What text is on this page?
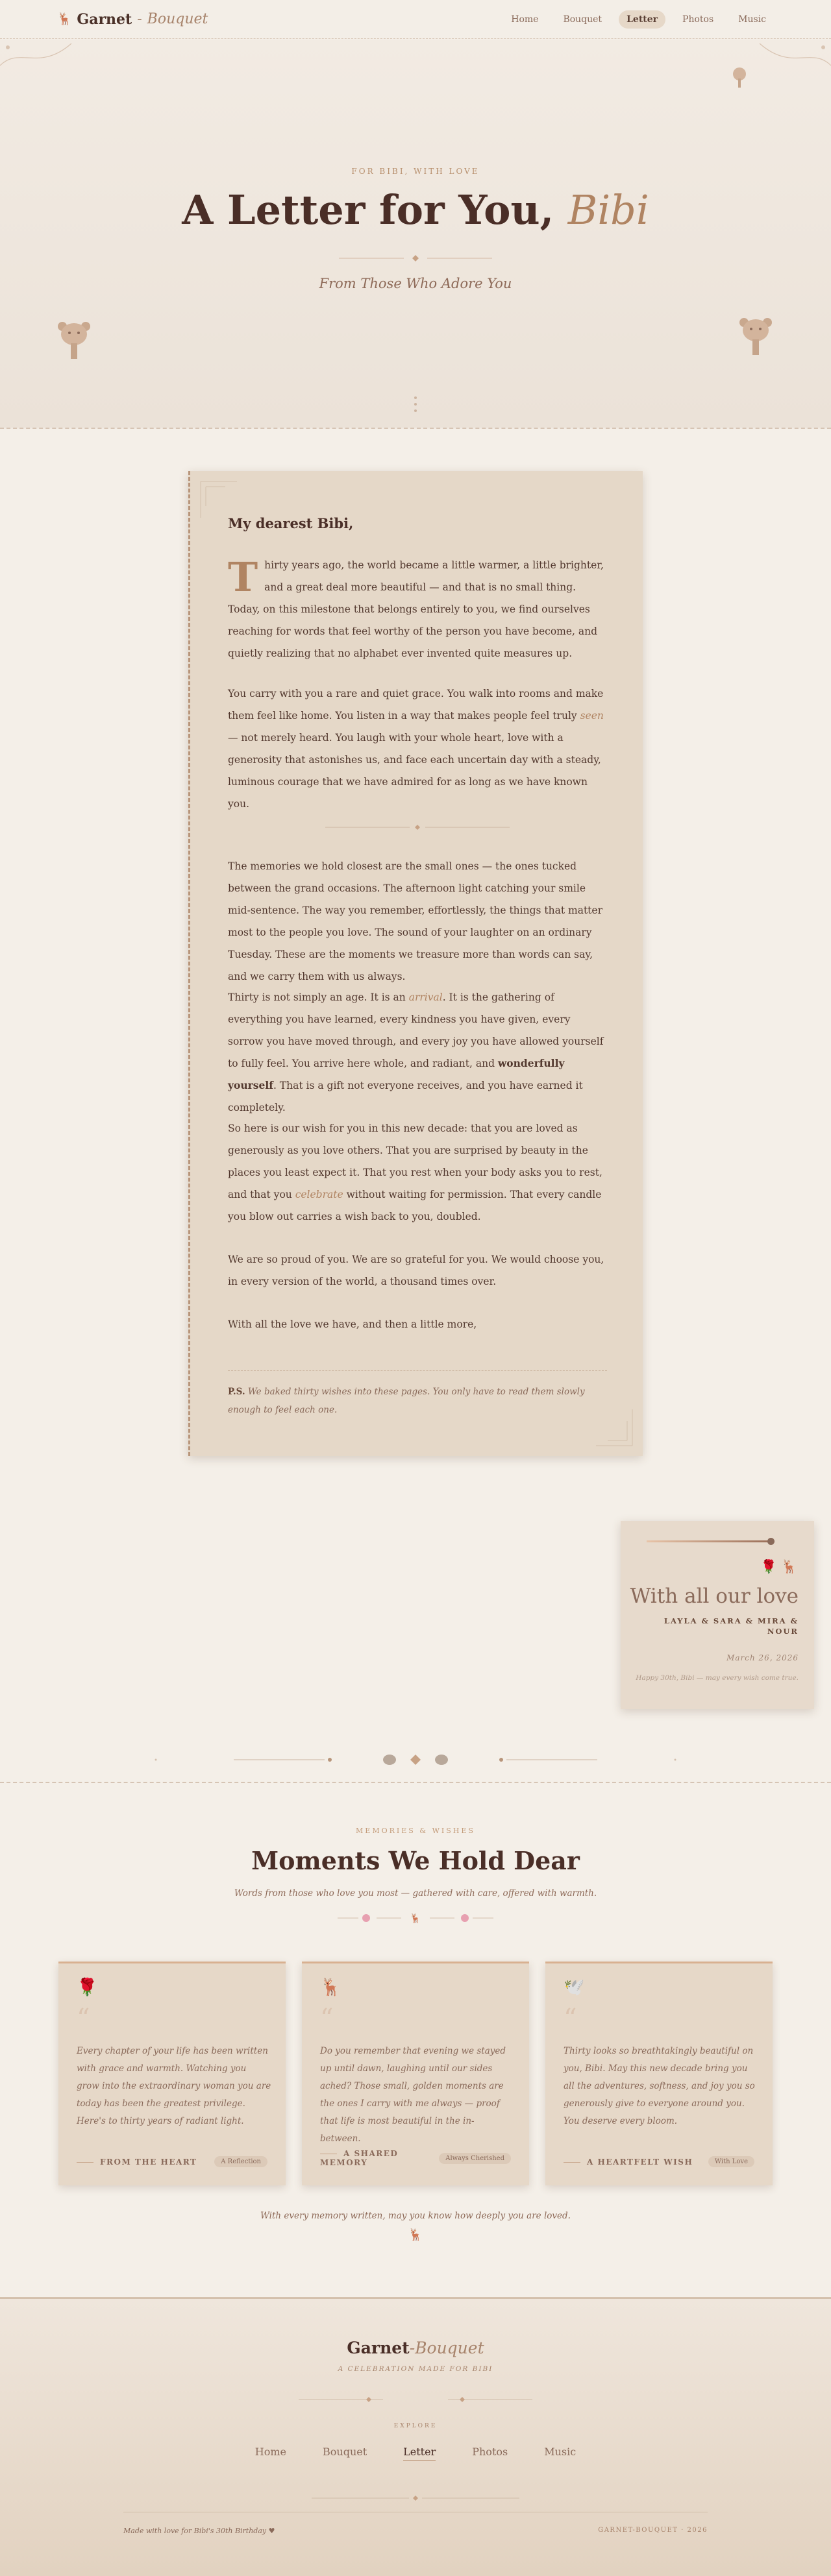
🦌 Garnet - Bouquet	Home	Bouquet	Letter	Photos	Music
FOR BIBI, WITH LOVE
A Letter for You, Bibi
From Those Who Adore You
My dearest Bibi,

Thirty years ago, the world became a little warmer, a little brighter, and a great deal more beautiful — and that is no small thing. Today, on this milestone that belongs entirely to you, we find ourselves reaching for words that feel worthy of the person you have become, and quietly realizing that no alphabet ever invented quite measures up.

You carry with you a rare and quiet grace. You walk into rooms and make them feel like home. You listen in a way that makes people feel truly seen — not merely heard. You laugh with your whole heart, love with a generosity that astonishes us, and face each uncertain day with a steady, luminous courage that we have admired for as long as we have known you.

The memories we hold closest are the small ones — the ones tucked between the grand occasions. The afternoon light catching your smile mid-sentence. The way you remember, effortlessly, the things that matter most to the people you love. The sound of your laughter on an ordinary Tuesday. These are the moments we treasure more than words can say, and we carry them with us always.

Thirty is not simply an age. It is an arrival. It is the gathering of everything you have learned, every kindness you have given, every sorrow you have moved through, and every joy you have allowed yourself to fully feel. You arrive here whole, and radiant, and wonderfully yourself. That is a gift not everyone receives, and you have earned it completely.

So here is our wish for you in this new decade: that you are loved as generously as you love others. That you are surprised by beauty in the places you least expect it. That you rest when your body asks you to rest, and that you celebrate without waiting for permission. That every candle you blow out carries a wish back to you, doubled.

We are so proud of you. We are so grateful for you. We would choose you, in every version of the world, a thousand times over.

With all the love we have, and then a little more,

P.S. We baked thirty wishes into these pages. You only have to read them slowly enough to feel each one.
🌹 🦌
With all our love
LAYLA & SARA & MIRA & NOUR
March 26, 2026
Happy 30th, Bibi — may every wish come true.
MEMORIES & WISHES
Moments We Hold Dear
Words from those who love you most — gathered with care, offered with warmth.
🦌
🌹
“

Every chapter of your life has been written with grace and warmth. Watching you grow into the extraordinary woman you are today has been the greatest privilege. Here's to thirty years of radiant light.

FROM THE HEART	A Reflection
🦌
“

Do you remember that evening we stayed up until dawn, laughing until our sides ached? Those small, golden moments are the ones I carry with me always — proof that life is most beautiful in the in-between.

A SHARED MEMORY	Always Cherished
🕊️
“

Thirty looks so breathtakingly beautiful on you, Bibi. May this new decade bring you all the adventures, softness, and joy you so generously give to everyone around you. You deserve every bloom.

A HEARTFELT WISH	With Love
With every memory written, may you know how deeply you are loved.
🦌
Garnet-Bouquet
A CELEBRATION MADE FOR BIBI
EXPLORE
Home	Bouquet	Letter	Photos	Music
Made with love for Bibi's 30th Birthday ♥	GARNET-BOUQUET · 2026
